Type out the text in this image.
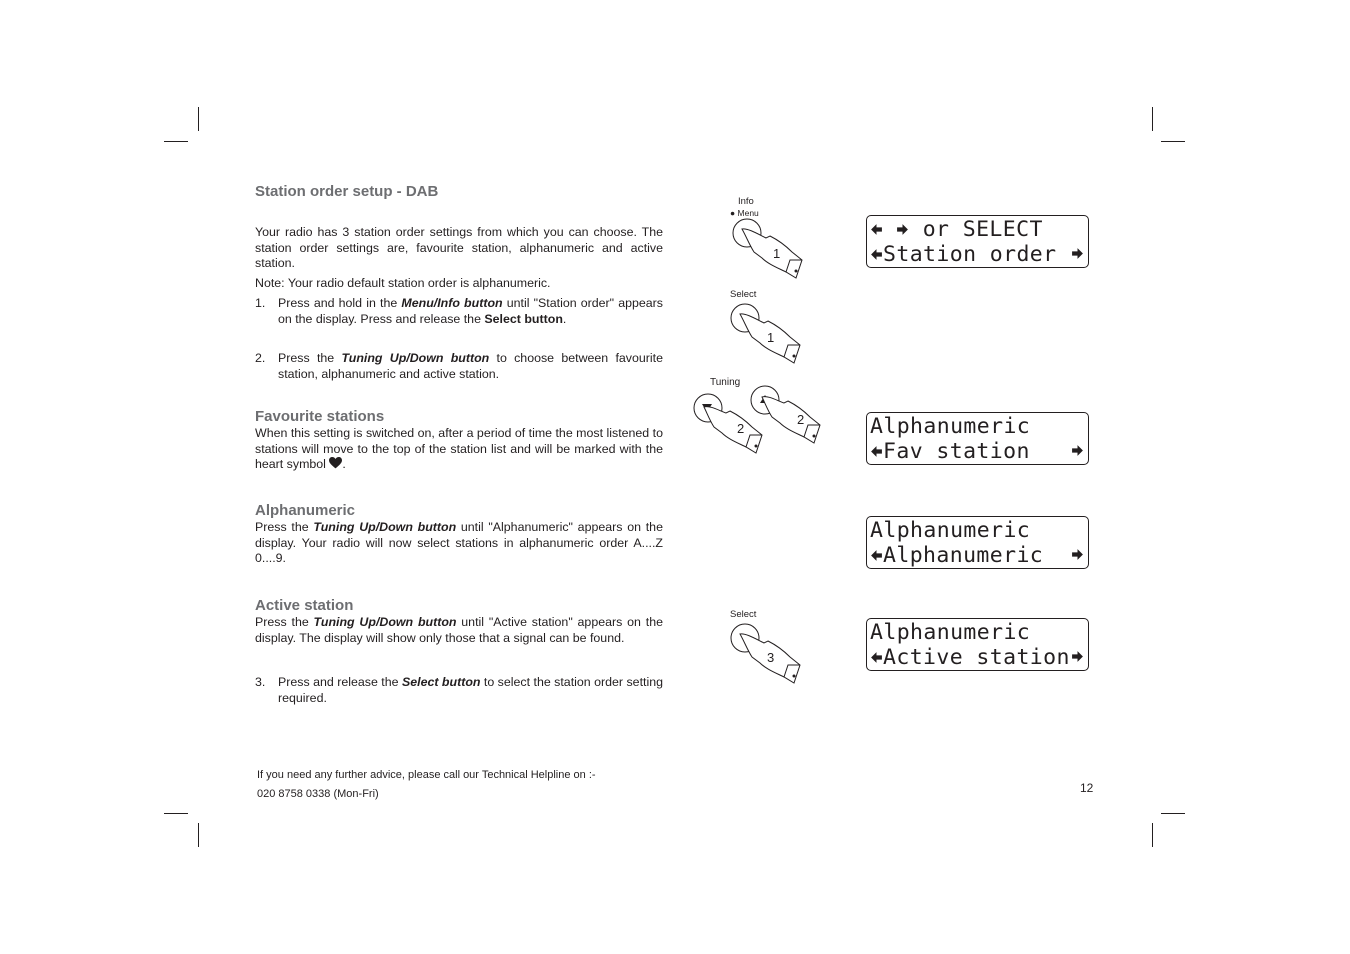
Station order setup - DAB

Your radio has 3 station order settings from which you can choose. The station order settings are, favourite station, alphanumeric and active station.

Note: Your radio default station order is alphanumeric.

1.	Press and hold in the Menu/Info button until "Station order" appears on the display. Press and release the Select button.
2.	Press the Tuning Up/Down button to choose between favourite station, alphanumeric and active station.

Favourite stations

When this setting is switched on, after a period of time the most listened to stations will move to the top of the station list and will be marked with the heart symbol .

Alphanumeric

Press the Tuning Up/Down button until "Alphanumeric" appears on the display. Your radio will now select stations in alphanumeric order A....Z 0....9.

Active station

Press the Tuning Up/Down button until "Active station" appears on the display. The display will show only those that a signal can be found.

3.	Press and release the Select button to select the station order setting required.
If you need any further advice, please call our Technical Helpline on :-
020 8758 0338 (Mon-Fri)	12
Info
● Menu
1
Select
1
Tuning
2
2
Select
3
or SELECT
Station order
Alphanumeric
Fav station
Alphanumeric
Alphanumeric
Alphanumeric
Active station
